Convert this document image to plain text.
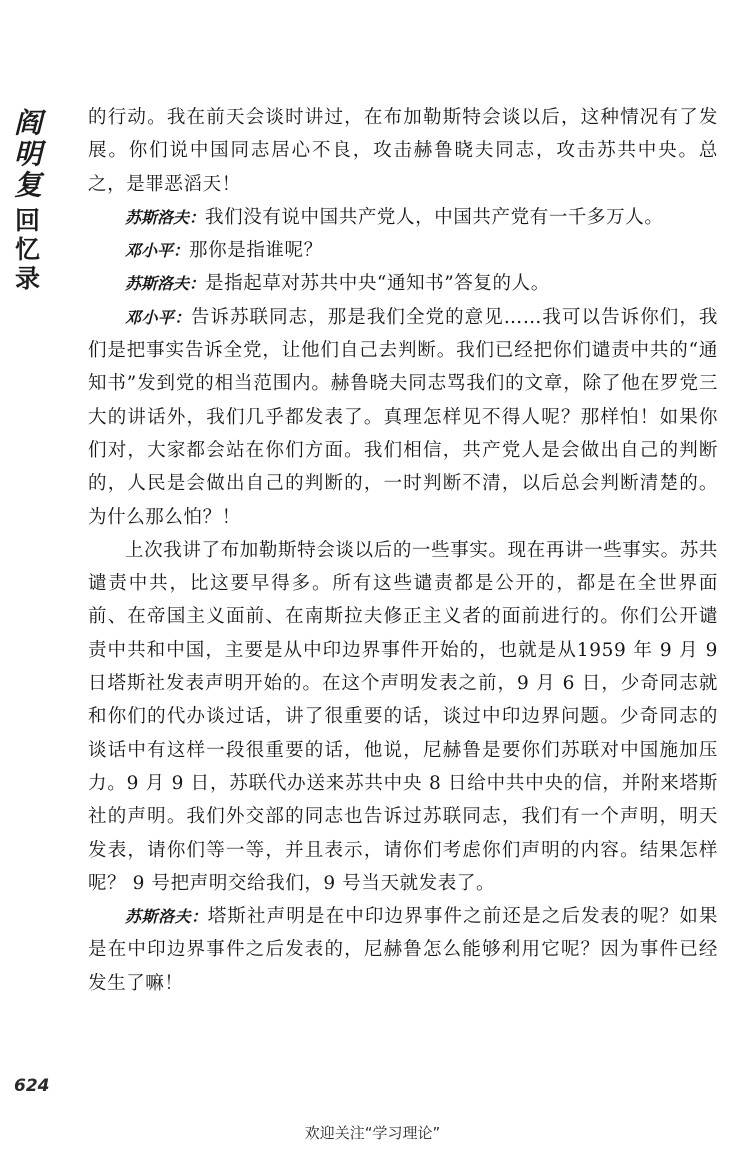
阎明复
回忆录

的行动。我在前天会谈时讲过，在布加勒斯特会谈以后，这种情况有了发展。你们说中国同志居心不良，攻击赫鲁晓夫同志，攻击苏共中央。总之，是罪恶滔天！

苏斯洛夫：我们没有说中国共产党人，中国共产党有一千多万人。

邓小平：那你是指谁呢？

苏斯洛夫：是指起草对苏共中央“通知书”答复的人。

邓小平：告诉苏联同志，那是我们全党的意见……我可以告诉你们，我们是把事实告诉全党，让他们自己去判断。我们已经把你们谴责中共的“通知书”发到党的相当范围内。赫鲁晓夫同志骂我们的文章，除了他在罗党三大的讲话外，我们几乎都发表了。真理怎样见不得人呢？那样怕！如果你们对，大家都会站在你们方面。我们相信，共产党人是会做出自己的判断的，人民是会做出自己的判断的，一时判断不清，以后总会判断清楚的。为什么那么怕？！

上次我讲了布加勒斯特会谈以后的一些事实。现在再讲一些事实。苏共谴责中共，比这要早得多。所有这些谴责都是公开的，都是在全世界面前、在帝国主义面前、在南斯拉夫修正主义者的面前进行的。你们公开谴责中共和中国，主要是从中印边界事件开始的，也就是从1959 年 9 月 9 日塔斯社发表声明开始的。在这个声明发表之前，9 月 6 日，少奇同志就和你们的代办谈过话，讲了很重要的话，谈过中印边界问题。少奇同志的谈话中有这样一段很重要的话，他说，尼赫鲁是要你们苏联对中国施加压力。9 月 9 日，苏联代办送来苏共中央 8 日给中共中央的信，并附来塔斯社的声明。我们外交部的同志也告诉过苏联同志，我们有一个声明，明天发表，请你们等一等，并且表示，请你们考虑你们声明的内容。结果怎样呢？ 9 号把声明交给我们，9 号当天就发表了。

苏斯洛夫：塔斯社声明是在中印边界事件之前还是之后发表的呢？如果是在中印边界事件之后发表的，尼赫鲁怎么能够利用它呢？因为事件已经发生了嘛！

624
欢迎关注“学习理论”
